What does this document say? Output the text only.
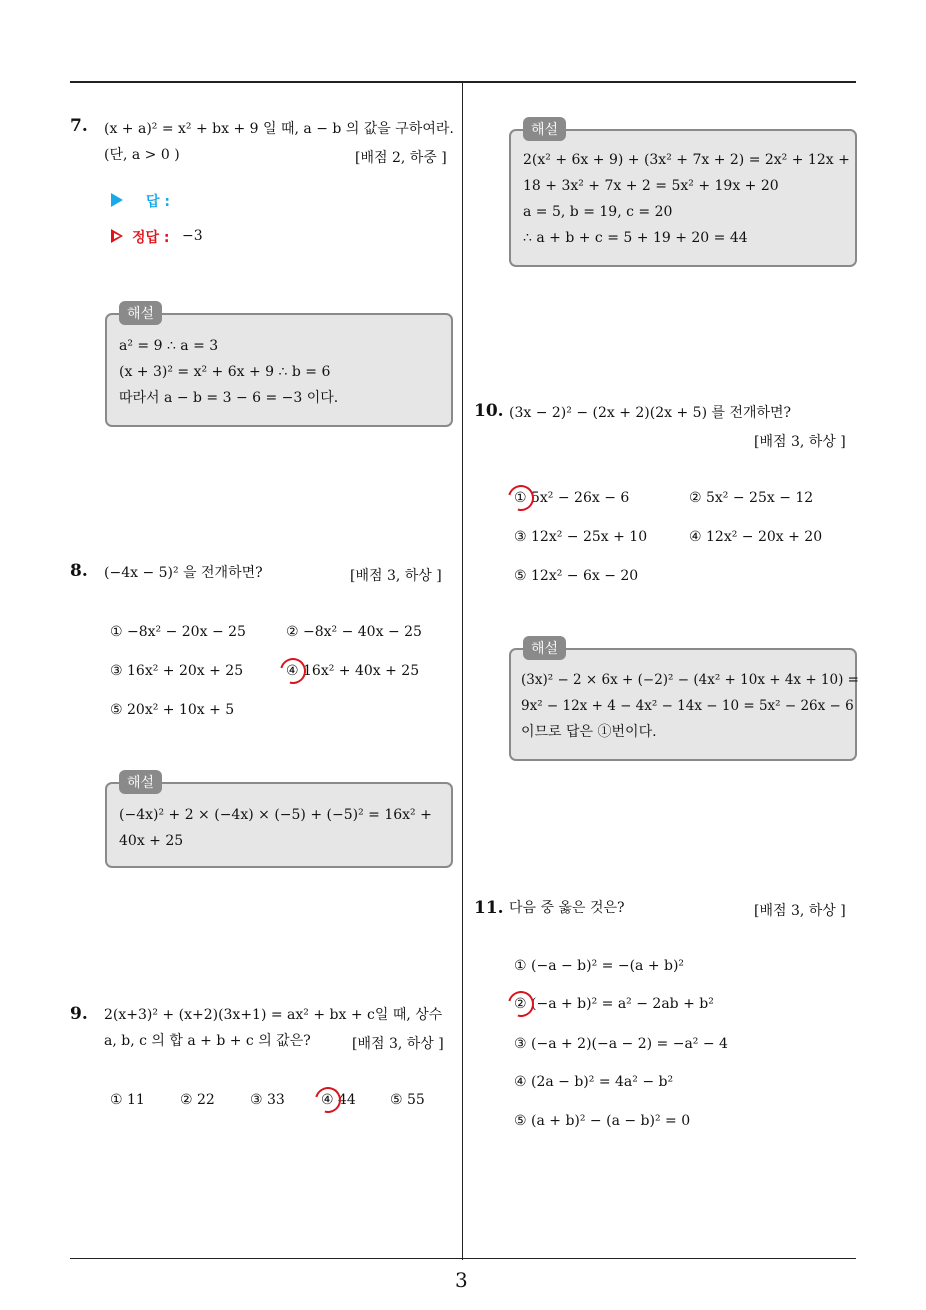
3
7. (x + a)² = x² + bx + 9 일 때, a − b 의 값을 구하여라.
(단, a > 0 )	[배점 2, 하중 ]
답 :
정답 : −3
a² = 9 ∴ a = 3
(x + 3)² = x² + 6x + 9 ∴ b = 6
따라서 a − b = 3 − 6 = −3 이다.
해설
8. (−4x − 5)² 을 전개하면?	[배점 3, 하상 ]
① −8x² − 20x − 25	② −8x² − 40x − 25
③ 16x² + 20x + 25	④ 16x² + 40x + 25
⑤ 20x² + 10x + 5
(−4x)² + 2 × (−4x) × (−5) + (−5)² = 16x² +
40x + 25
해설
9. 2(x+3)² + (x+2)(3x+1) = ax² + bx + c일 때, 상수
a, b, c 의 합 a + b + c 의 값은?	[배점 3, 하상 ]
① 11	② 22	③ 33	④ 44 ⑤ 55
2(x² + 6x + 9) + (3x² + 7x + 2) = 2x² + 12x +
18 + 3x² + 7x + 2 = 5x² + 19x + 20
a = 5, b = 19, c = 20
∴ a + b + c = 5 + 19 + 20 = 44
해설
10. (3x − 2)² − (2x + 2)(2x + 5) 를 전개하면?
[배점 3, 하상 ]
① 5x² − 26x − 6	② 5x² − 25x − 12
③ 12x² − 25x + 10	④ 12x² − 20x + 20
⑤ 12x² − 6x − 20
(3x)² − 2 × 6x + (−2)² − (4x² + 10x + 4x + 10) =
9x² − 12x + 4 − 4x² − 14x − 10 = 5x² − 26x − 6
이므로 답은 ①번이다.
해설
11. 다음 중 옳은 것은?	[배점 3, 하상 ]
① (−a − b)² = −(a + b)²
② (−a + b)² = a² − 2ab + b²
③ (−a + 2)(−a − 2) = −a² − 4
④ (2a − b)² = 4a² − b²
⑤ (a + b)² − (a − b)² = 0
